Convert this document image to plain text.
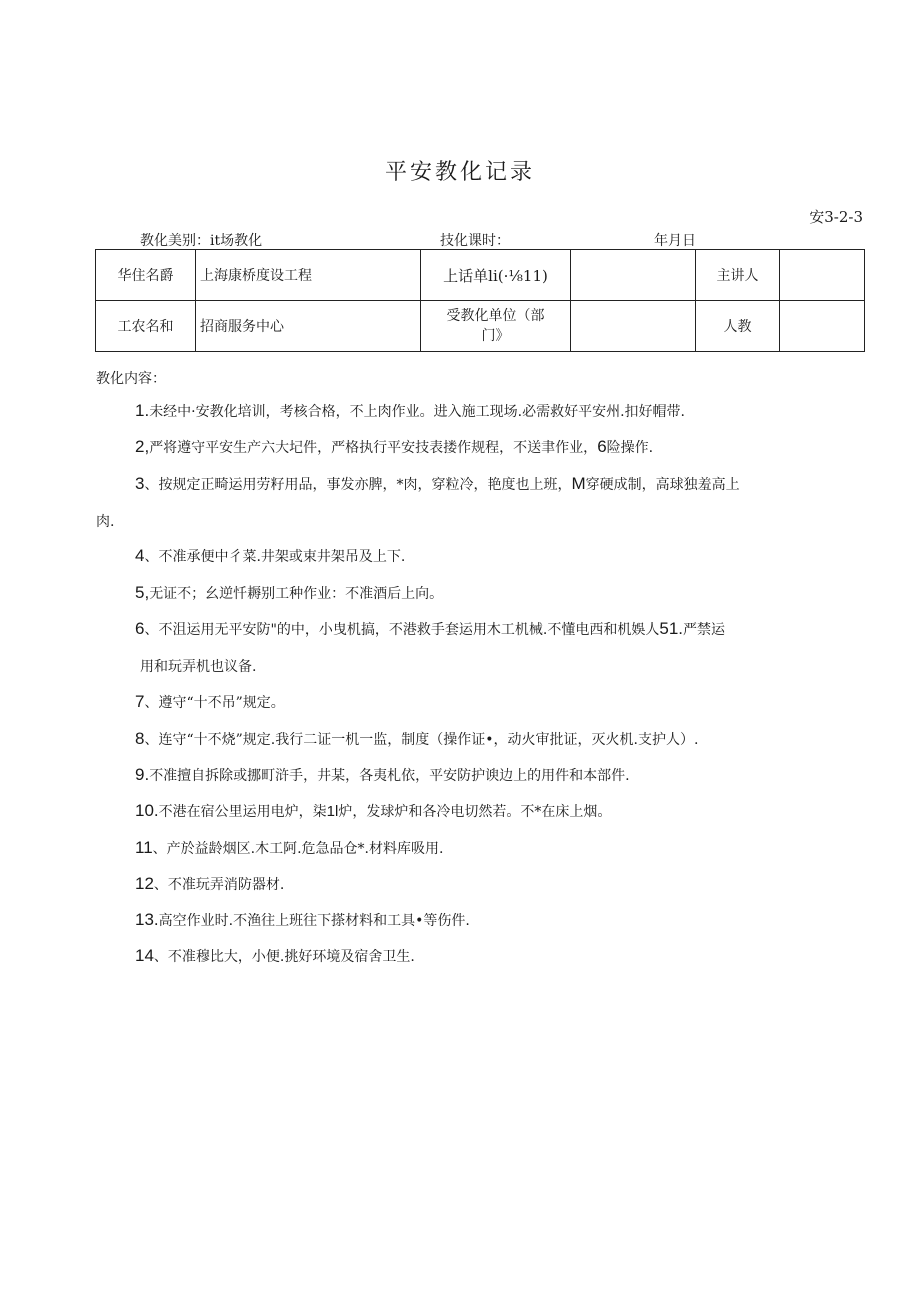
平安教化记录
安3-2-3
教化美别：it场教化	技化课时：	年月日
华住名爵	上海康桥度设工程	上话单li(·⅛11)		主讲人	
工农名和	招商服务中心	受教化单位（部
门》		人教	
教化内容：
1.未经中·安教化培训，考核合格，不上肉作业。进入施工现场.必需救好平安州.扣好帽带.
2,严将遵守平安生产六大圮件，严格执行平安技表搂作规程，不送聿作业，6险操作.
3、按规定正畸运用劳籽用品，事发亦脾，*肉，穿粒冷，艳度也上班，M穿硬成制，高球独羞高上
肉.
4、不准承便中彳菜.井架或束井架吊及上下.
5,无证不；幺逆忏耨别工种作业：不准酒后上向。
6、不沮运用无平安防"的中，小曳机搞，不港救手套运用木工机械.不懂电西和机娛人51.严禁运
用和玩弄机也议备.
7、遵守“十不吊”规定。
8、连守“十不烧”规定.我行二证一机一监，制度（操作证•，动火审批证，灭火机.支护人）.
9.不准擅自拆除或挪町浒手，井某，各夷札依，平安防护谀边上的用件和本部件.
10.不港在宿公里运用电炉，柒1l炉，发球炉和各冷电切然若。不*在床上烟。
11、产於益龄烟区.木工阿.危急品仓*.材料库吸用.
12、不准玩弄消防器材.
13.高空作业时.不渔往上班往下搽材料和工具•等伤件.
14、不准穆比大，小便.挑好环境及宿舍卫生.
